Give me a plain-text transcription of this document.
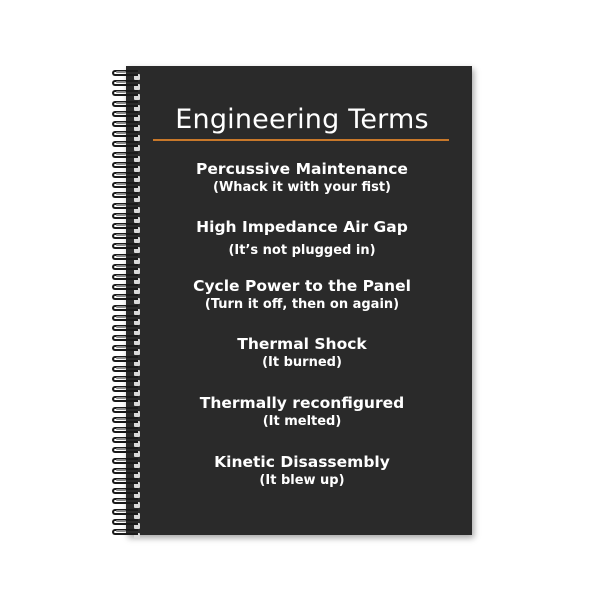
Engineering Terms
Percussive Maintenance
(Whack it with your fist)
High Impedance Air Gap
(It’s not plugged in)
Cycle Power to the Panel
(Turn it off, then on again)
Thermal Shock
(It burned)
Thermally reconfigured
(It melted)
Kinetic Disassembly
(It blew up)
